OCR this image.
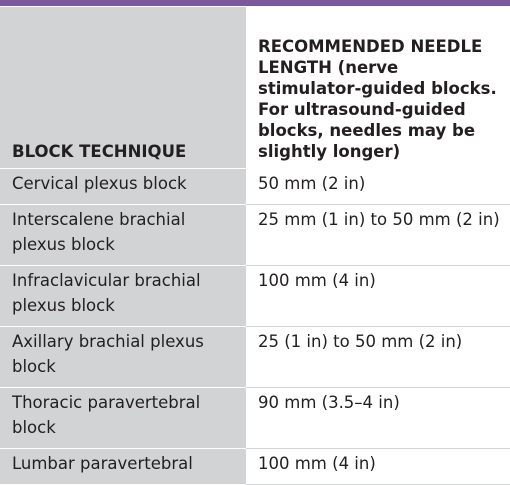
BLOCK TECHNIQUE	RECOMMENDED NEEDLE LENGTH (nerve stimulator-guided blocks. For ultrasound-guided blocks, needles may be slightly longer)
Cervical plexus block	50 mm (2 in)
Interscalene brachial plexus block	25 mm (1 in) to 50 mm (2 in)
Infraclavicular brachial plexus block	100 mm (4 in)
Axillary brachial plexus block	25 (1 in) to 50 mm (2 in)
Thoracic paravertebral block	90 mm (3.5–4 in)
Lumbar paravertebral	100 mm (4 in)
